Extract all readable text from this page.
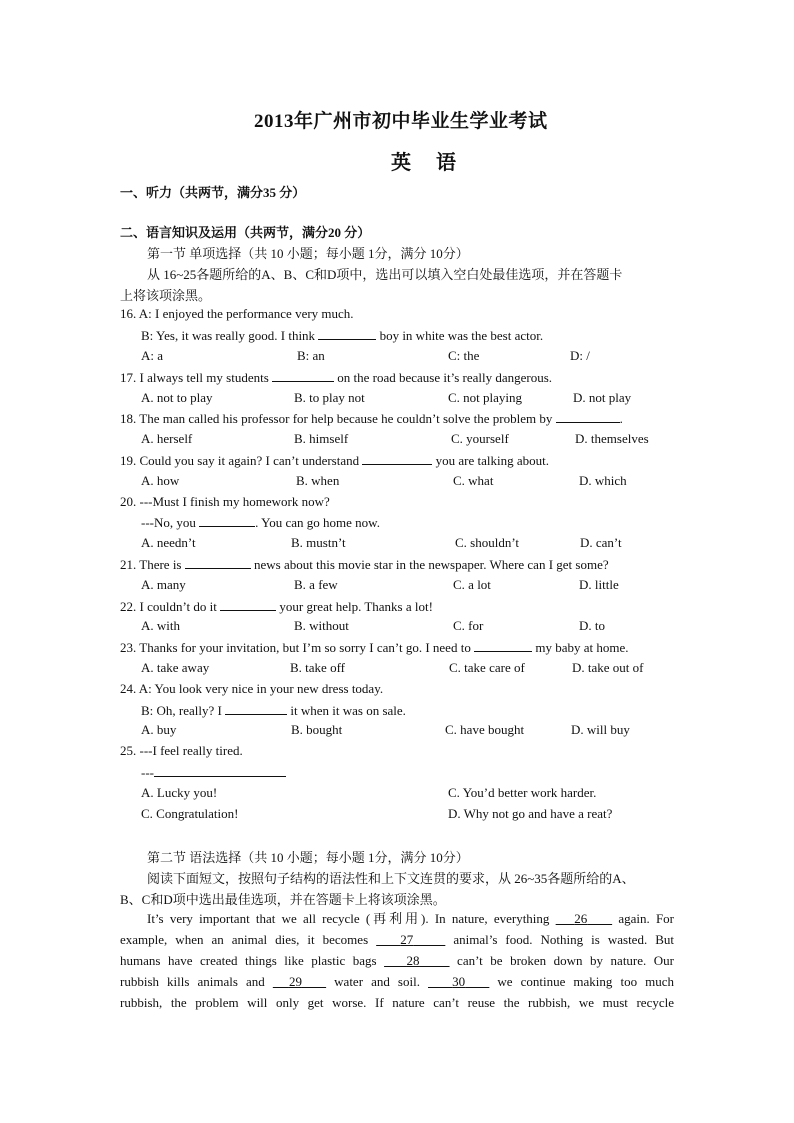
2013年广州市初中毕业生学业考试
英 语
一、听力（共两节，满分35 分）
二、语言知识及运用（共两节，满分20 分）
第一节 单项选择（共 10 小题；每小题 1分，满分 10分）
从 16~25各题所给的A、B、C和D项中，选出可以填入空白处最佳选项，并在答题卡
上将该项涂黑。
16. A: I enjoyed the performance very much.
B: Yes, it was really good. I think	boy in white was the best actor.
A: a	B: an	C: the	D: /
17. I always tell my students	on the road because it’s really dangerous.
A. not to play	B. to play not	C. not playing	D. not play
18. The man called his professor for help because he couldn’t solve the problem by	.
A. herself	B. himself	C. yourself	D. themselves
19. Could you say it again? I can’t understand	you are talking about.
A. how	B. when	C. what	D. which
20. ---Must I finish my homework now?
---No, you	. You can go home now.
A. needn’t	B. mustn’t	C. shouldn’t	D. can’t
21. There is	news about this movie star in the newspaper. Where can I get some?
A. many	B. a few	C. a lot	D. little
22. I couldn’t do it	your great help. Thanks a lot!
A. with	B. without	C. for	D. to
23. Thanks for your invitation, but I’m so sorry I can’t go. I need to	my baby at home.
A. take away	B. take off	C. take care of	D. take out of
24. A: You look very nice in your new dress today.
B: Oh, really? I	it when it was on sale.
A. buy	B. bought	C. have bought	D. will buy
25. ---I feel really tired.
---
A. Lucky you!	C. You’d better work harder.
C. Congratulation!	D. Why not go and have a reat?
第二节 语法选择（共 10 小题；每小题 1分，满分 10分）
阅读下面短文，按照句子结构的语法性和上下文连贯的要求，从 26~35各题所给的A、
B、C和D项中选出最佳选项，并在答题卡上将该项涂黑。
It’s very important that we all recycle (再利用). In nature, everything    26     again. For
example, when an animal dies, it becomes    27     animal’s food. Nothing is wasted. But
humans have created things like plastic bags    28     can’t be broken down by nature. Our
rubbish kills animals and   29    water and soil.    30    we continue making too much
rubbish, the problem will only get worse. If nature can’t reuse the rubbish, we must recycle
